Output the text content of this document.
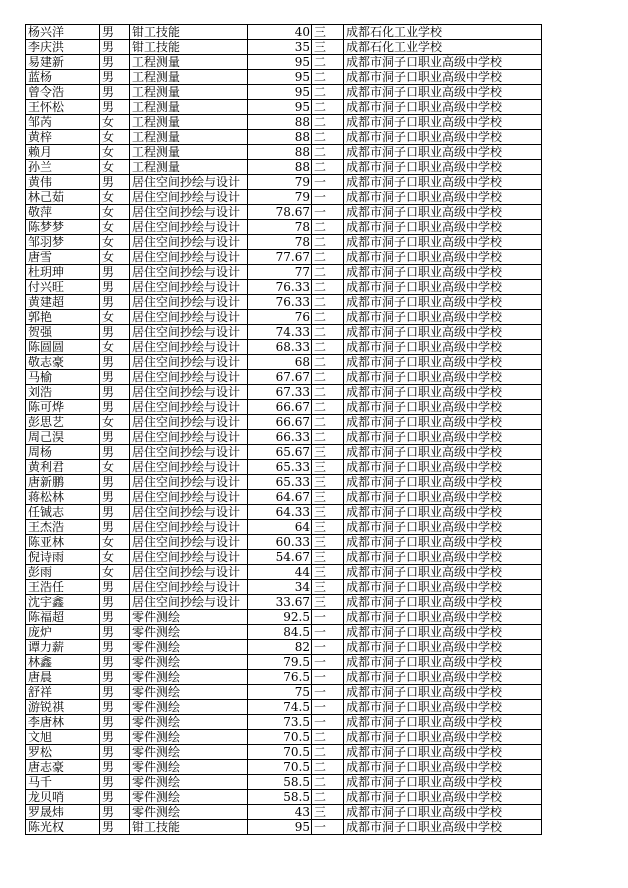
杨兴洋	男	钳工技能	40	三	成都石化工业学校
李庆洪	男	钳工技能	35	三	成都石化工业学校
易建新	男	工程测量	95	二	成都市洞子口职业高级中学校
蓝杨	男	工程测量	95	二	成都市洞子口职业高级中学校
曾令浩	男	工程测量	95	二	成都市洞子口职业高级中学校
王怀松	男	工程测量	95	二	成都市洞子口职业高级中学校
邹芮	女	工程测量	88	二	成都市洞子口职业高级中学校
黄梓	女	工程测量	88	二	成都市洞子口职业高级中学校
赖月	女	工程测量	88	二	成都市洞子口职业高级中学校
孙兰	女	工程测量	88	二	成都市洞子口职业高级中学校
黄伟	男	居住空间抄绘与设计	79	一	成都市洞子口职业高级中学校
林己茹	女	居住空间抄绘与设计	79	一	成都市洞子口职业高级中学校
敬萍	女	居住空间抄绘与设计	78.67	一	成都市洞子口职业高级中学校
陈梦梦	女	居住空间抄绘与设计	78	二	成都市洞子口职业高级中学校
邹羽梦	女	居住空间抄绘与设计	78	二	成都市洞子口职业高级中学校
唐雪	女	居住空间抄绘与设计	77.67	二	成都市洞子口职业高级中学校
杜玥珅	男	居住空间抄绘与设计	77	二	成都市洞子口职业高级中学校
付兴旺	男	居住空间抄绘与设计	76.33	二	成都市洞子口职业高级中学校
黄建超	男	居住空间抄绘与设计	76.33	二	成都市洞子口职业高级中学校
郭艳	女	居住空间抄绘与设计	76	二	成都市洞子口职业高级中学校
贺强	男	居住空间抄绘与设计	74.33	二	成都市洞子口职业高级中学校
陈圆圆	女	居住空间抄绘与设计	68.33	二	成都市洞子口职业高级中学校
敬志豪	男	居住空间抄绘与设计	68	二	成都市洞子口职业高级中学校
马榆	男	居住空间抄绘与设计	67.67	二	成都市洞子口职业高级中学校
刘浩	男	居住空间抄绘与设计	67.33	二	成都市洞子口职业高级中学校
陈可烨	男	居住空间抄绘与设计	66.67	二	成都市洞子口职业高级中学校
彭思艺	女	居住空间抄绘与设计	66.67	二	成都市洞子口职业高级中学校
周己淏	男	居住空间抄绘与设计	66.33	二	成都市洞子口职业高级中学校
周杨	男	居住空间抄绘与设计	65.67	三	成都市洞子口职业高级中学校
黄利君	女	居住空间抄绘与设计	65.33	三	成都市洞子口职业高级中学校
唐新鹏	男	居住空间抄绘与设计	65.33	三	成都市洞子口职业高级中学校
蒋松林	男	居住空间抄绘与设计	64.67	三	成都市洞子口职业高级中学校
任铖志	男	居住空间抄绘与设计	64.33	三	成都市洞子口职业高级中学校
王杰浩	男	居住空间抄绘与设计	64	三	成都市洞子口职业高级中学校
陈亚林	女	居住空间抄绘与设计	60.33	三	成都市洞子口职业高级中学校
倪诗雨	女	居住空间抄绘与设计	54.67	三	成都市洞子口职业高级中学校
彭雨	女	居住空间抄绘与设计	44	三	成都市洞子口职业高级中学校
王浩任	男	居住空间抄绘与设计	34	三	成都市洞子口职业高级中学校
沈宇鑫	男	居住空间抄绘与设计	33.67	三	成都市洞子口职业高级中学校
陈福超	男	零件测绘	92.5	一	成都市洞子口职业高级中学校
庞炉	男	零件测绘	84.5	一	成都市洞子口职业高级中学校
谭力薪	男	零件测绘	82	一	成都市洞子口职业高级中学校
林鑫	男	零件测绘	79.5	一	成都市洞子口职业高级中学校
唐晨	男	零件测绘	76.5	一	成都市洞子口职业高级中学校
舒祥	男	零件测绘	75	一	成都市洞子口职业高级中学校
游锐祺	男	零件测绘	74.5	一	成都市洞子口职业高级中学校
李唐林	男	零件测绘	73.5	一	成都市洞子口职业高级中学校
文旭	男	零件测绘	70.5	二	成都市洞子口职业高级中学校
罗松	男	零件测绘	70.5	二	成都市洞子口职业高级中学校
唐志豪	男	零件测绘	70.5	二	成都市洞子口职业高级中学校
马千	男	零件测绘	58.5	二	成都市洞子口职业高级中学校
龙贝哨	男	零件测绘	58.5	二	成都市洞子口职业高级中学校
罗晟炜	男	零件测绘	43	三	成都市洞子口职业高级中学校
陈光权	男	钳工技能	95	一	成都市洞子口职业高级中学校
